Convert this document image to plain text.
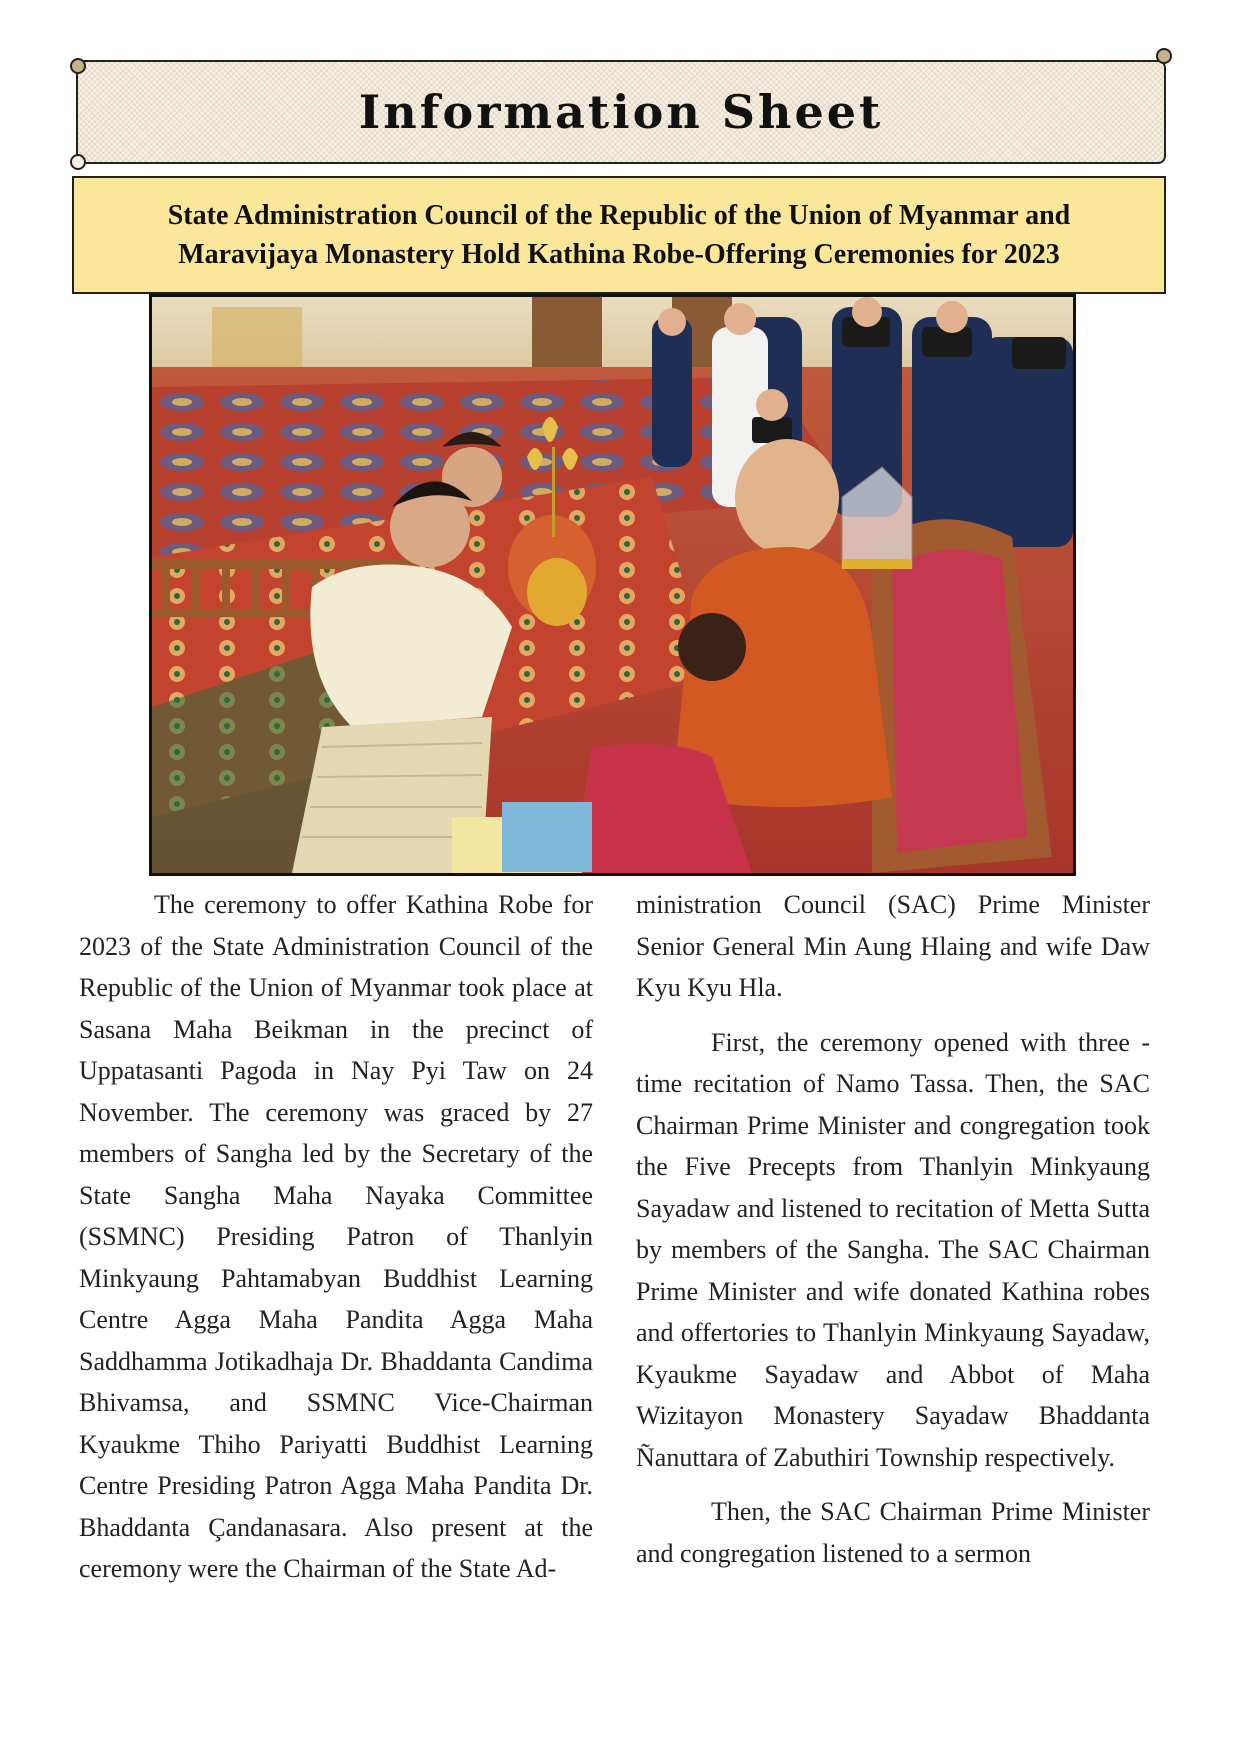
Information Sheet
State Administration Council of the Republic of the Union of Myanmar and
Maravijaya Monastery Hold Kathina Robe-Offering Ceremonies for 2023

The ceremony to offer Kathina Robe for 2023 of the State Administration Council of the Republic of the Union of Myanmar took place at Sasana Maha Beikman in the precinct of Uppatasanti Pagoda in Nay Pyi Taw on 24 November. The ceremony was graced by 27 members of Sangha led by the Secretary of the State Sangha Maha Nayaka Committee (SSMNC) Presiding Patron of Thanlyin Minkyaung Pahtamabyan Buddhist Learning Centre Agga Maha Pandita Agga Maha Saddhamma Jotikadhaja Dr. Bhaddanta Candima Bhivamsa, and SSMNC Vice-Chairman Kyaukme Thiho Pariyatti Buddhist Learning Centre Presiding Patron Agga Maha Pandita Dr. Bhaddanta Çandanasara. Also present at the ceremony were the Chairman of the State Ad-

ministration Council (SAC) Prime Minister Senior General Min Aung Hlaing and wife Daw Kyu Kyu Hla.

First, the ceremony opened with three -time recitation of Namo Tassa. Then, the SAC Chairman Prime Minister and congregation took the Five Precepts from Thanlyin Minkyaung Sayadaw and listened to recitation of Metta Sutta by members of the Sangha. The SAC Chairman Prime Minister and wife donated Kathina robes and offertories to Thanlyin Minkyaung Sayadaw, Kyaukme Sayadaw and Abbot of Maha Wizitayon Monastery Sayadaw Bhaddanta Ñanuttara of Zabuthiri Township respectively.

Then, the SAC Chairman Prime Minister and congregation listened to a sermon
